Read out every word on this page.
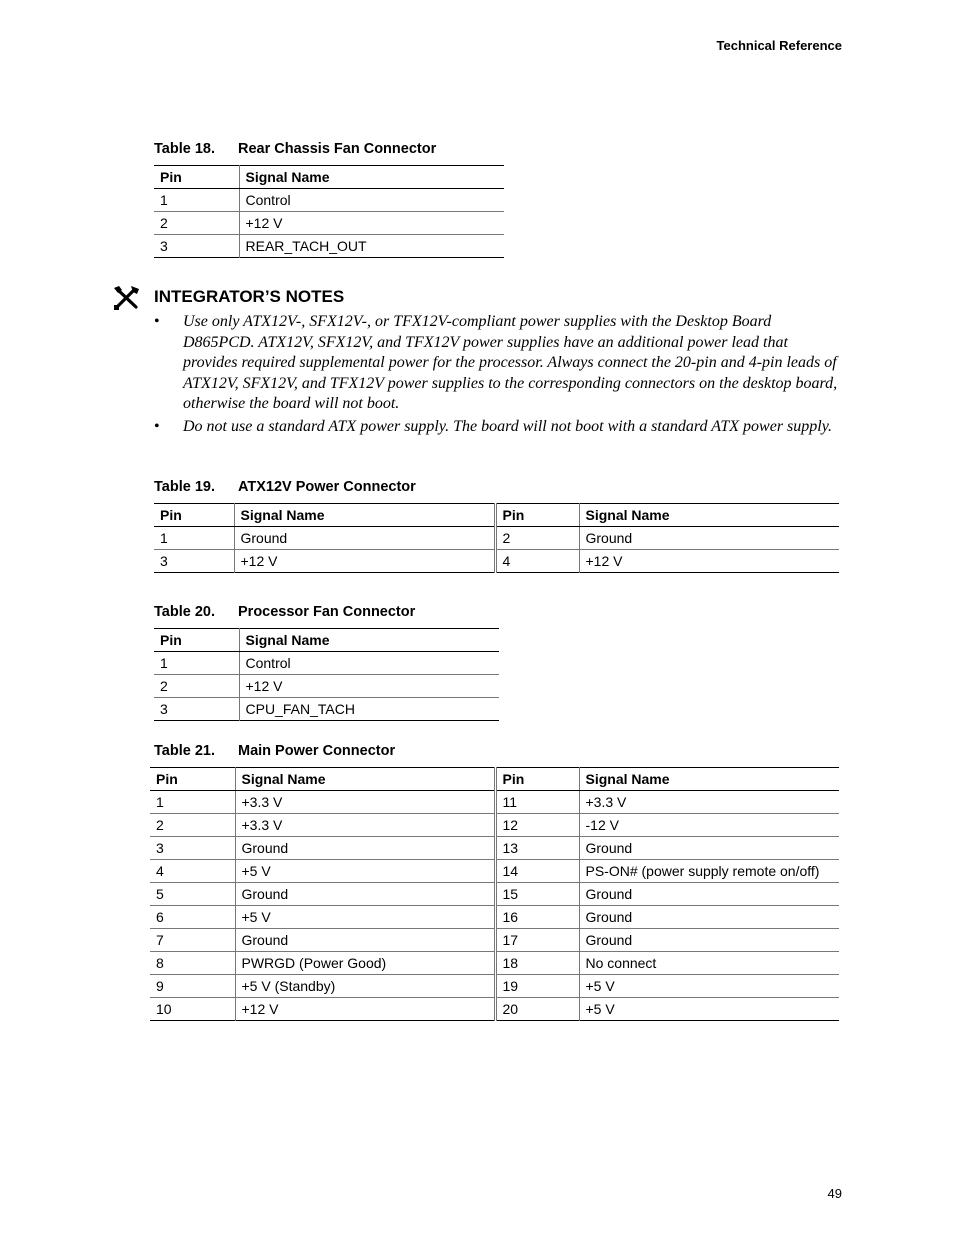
Technical Reference
Table 18. Rear Chassis Fan Connector
Pin	Signal Name
1	Control
2	+12 V
3	REAR_TACH_OUT
INTEGRATOR’S NOTES
• Use only ATX12V-, SFX12V-, or TFX12V-compliant power supplies with the Desktop Board D865PCD. ATX12V, SFX12V, and TFX12V power supplies have an additional power lead that provides required supplemental power for the processor. Always connect the 20-pin and 4-pin leads of ATX12V, SFX12V, and TFX12V power supplies to the corresponding connectors on the desktop board, otherwise the board will not boot.
• Do not use a standard ATX power supply. The board will not boot with a standard ATX power supply.
Table 19. ATX12V Power Connector
Pin	Signal Name	Pin	Signal Name
1	Ground	2	Ground
3	+12 V	4	+12 V
Table 20. Processor Fan Connector
Pin	Signal Name
1	Control
2	+12 V
3	CPU_FAN_TACH
Table 21. Main Power Connector
Pin	Signal Name	Pin	Signal Name
1	+3.3 V	11	+3.3 V
2	+3.3 V	12	-12 V
3	Ground	13	Ground
4	+5 V	14	PS-ON# (power supply remote on/off)
5	Ground	15	Ground
6	+5 V	16	Ground
7	Ground	17	Ground
8	PWRGD (Power Good)	18	No connect
9	+5 V (Standby)	19	+5 V
10	+12 V	20	+5 V
49
